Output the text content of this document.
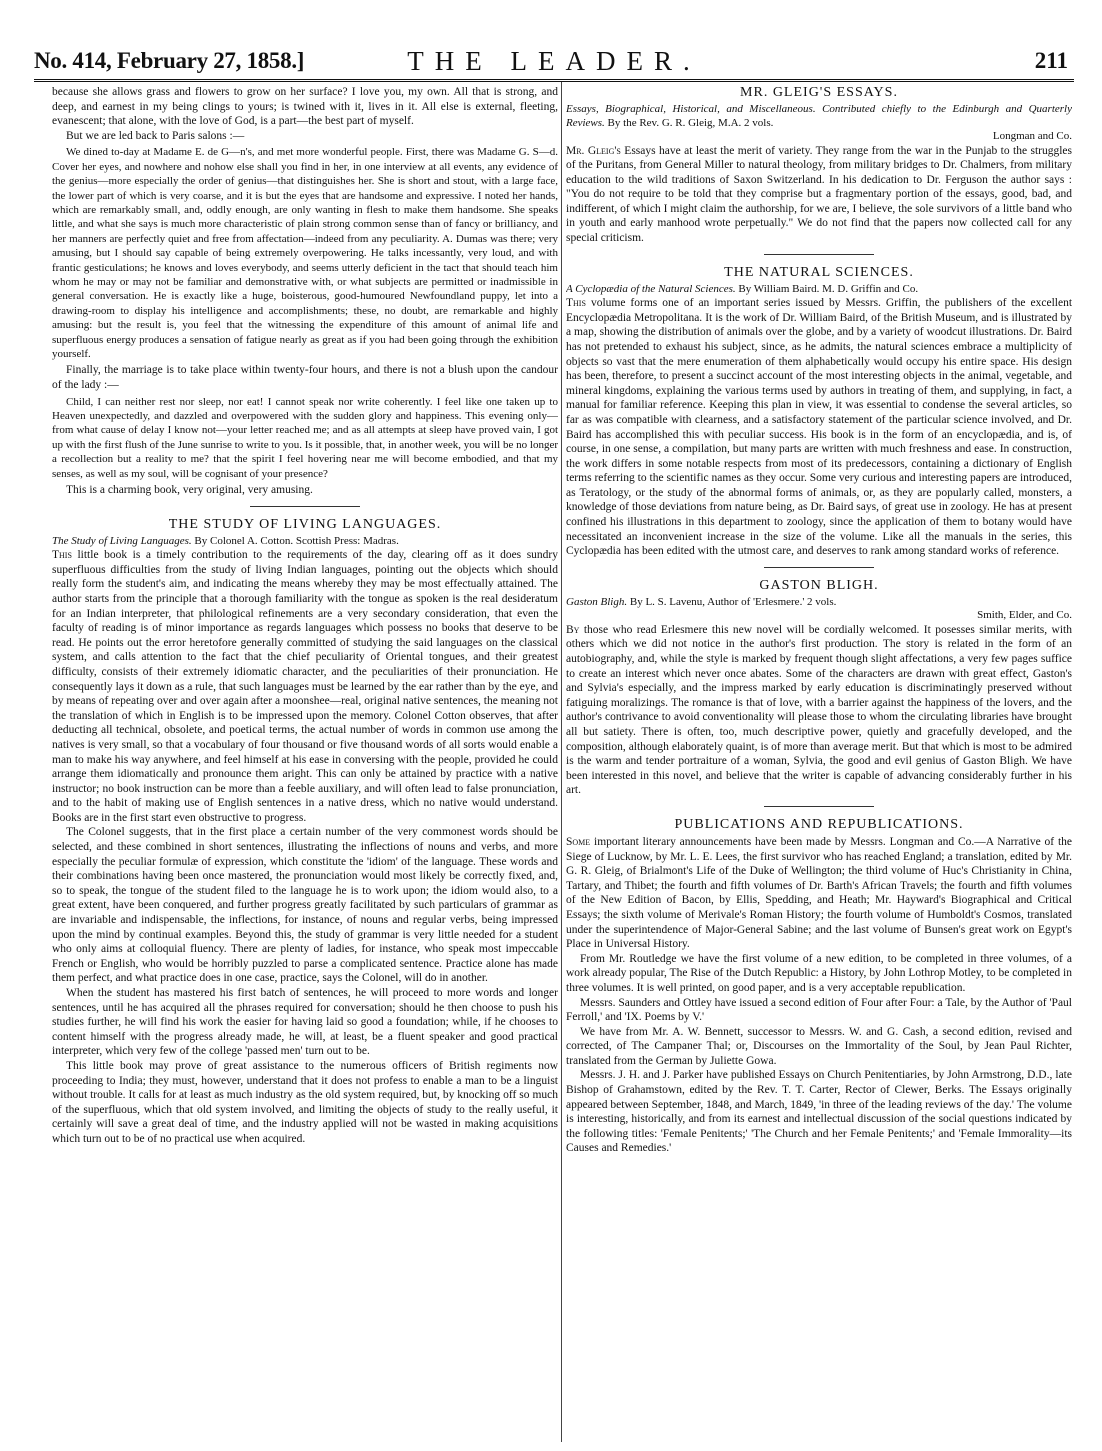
No. 414, February 27, 1858.]	THE LEADER.	211

because she allows grass and flowers to grow on her surface? I love you, my own. All that is strong, and deep, and earnest in my being clings to yours; is twined with it, lives in it. All else is external, fleeting, evanescent; that alone, with the love of God, is a part—the best part of myself.

But we are led back to Paris salons :—

We dined to-day at Madame E. de G—n's, and met more wonderful people. First, there was Madame G. S—d. Cover her eyes, and nowhere and nohow else shall you find in her, in one interview at all events, any evidence of the genius—more especially the order of genius—that distinguishes her. She is short and stout, with a large face, the lower part of which is very coarse, and it is but the eyes that are handsome and expressive. I noted her hands, which are remarkably small, and, oddly enough, are only wanting in flesh to make them handsome. She speaks little, and what she says is much more characteristic of plain strong common sense than of fancy or brilliancy, and her manners are perfectly quiet and free from affectation—indeed from any peculiarity. A. Dumas was there; very amusing, but I should say capable of being extremely overpowering. He talks incessantly, very loud, and with frantic gesticulations; he knows and loves everybody, and seems utterly deficient in the tact that should teach him whom he may or may not be familiar and demonstrative with, or what subjects are permitted or inadmissible in general conversation. He is exactly like a huge, boisterous, good-humoured Newfoundland puppy, let into a drawing-room to display his intelligence and accomplishments; these, no doubt, are remarkable and highly amusing: but the result is, you feel that the witnessing the expenditure of this amount of animal life and superfluous energy produces a sensation of fatigue nearly as great as if you had been going through the exhibition yourself.

Finally, the marriage is to take place within twenty-four hours, and there is not a blush upon the candour of the lady :—

Child, I can neither rest nor sleep, nor eat! I cannot speak nor write coherently. I feel like one taken up to Heaven unexpectedly, and dazzled and overpowered with the sudden glory and happiness. This evening only—from what cause of delay I know not—your letter reached me; and as all attempts at sleep have proved vain, I got up with the first flush of the June sunrise to write to you. Is it possible, that, in another week, you will be no longer a recollection but a reality to me? that the spirit I feel hovering near me will become embodied, and that my senses, as well as my soul, will be cognisant of your presence?

This is a charming book, very original, very amusing.

THE STUDY OF LIVING LANGUAGES.

The Study of Living Languages. By Colonel A. Cotton. Scottish Press: Madras.

This little book is a timely contribution to the requirements of the day, clearing off as it does sundry superfluous difficulties from the study of living Indian languages, pointing out the objects which should really form the student's aim, and indicating the means whereby they may be most effectually attained. The author starts from the principle that a thorough familiarity with the tongue as spoken is the real desideratum for an Indian interpreter, that philological refinements are a very secondary consideration, that even the faculty of reading is of minor importance as regards languages which possess no books that deserve to be read. He points out the error heretofore generally committed of studying the said languages on the classical system, and calls attention to the fact that the chief peculiarity of Oriental tongues, and their greatest difficulty, consists of their extremely idiomatic character, and the peculiarities of their pronunciation. He consequently lays it down as a rule, that such languages must be learned by the ear rather than by the eye, and by means of repeating over and over again after a moonshee—real, original native sentences, the meaning not the translation of which in English is to be impressed upon the memory. Colonel Cotton observes, that after deducting all technical, obsolete, and poetical terms, the actual number of words in common use among the natives is very small, so that a vocabulary of four thousand or five thousand words of all sorts would enable a man to make his way anywhere, and feel himself at his ease in conversing with the people, provided he could arrange them idiomatically and pronounce them aright. This can only be attained by practice with a native instructor; no book instruction can be more than a feeble auxiliary, and will often lead to false pronunciation, and to the habit of making use of English sentences in a native dress, which no native would understand. Books are in the first start even obstructive to progress.

The Colonel suggests, that in the first place a certain number of the very commonest words should be selected, and these combined in short sentences, illustrating the inflections of nouns and verbs, and more especially the peculiar formulæ of expression, which constitute the 'idiom' of the language. These words and their combinations having been once mastered, the pronunciation would most likely be correctly fixed, and, so to speak, the tongue of the student filed to the language he is to work upon; the idiom would also, to a great extent, have been conquered, and further progress greatly facilitated by such particulars of grammar as are invariable and indispensable, the inflections, for instance, of nouns and regular verbs, being impressed upon the mind by continual examples. Beyond this, the study of grammar is very little needed for a student who only aims at colloquial fluency. There are plenty of ladies, for instance, who speak most impeccable French or English, who would be horribly puzzled to parse a complicated sentence. Practice alone has made them perfect, and what practice does in one case, practice, says the Colonel, will do in another.

When the student has mastered his first batch of sentences, he will proceed to more words and longer sentences, until he has acquired all the phrases required for conversation; should he then choose to push his studies further, he will find his work the easier for having laid so good a foundation; while, if he chooses to content himself with the progress already made, he will, at least, be a fluent speaker and good practical interpreter, which very few of the college 'passed men' turn out to be.

This little book may prove of great assistance to the numerous officers of British regiments now proceeding to India; they must, however, understand that it does not profess to enable a man to be a linguist without trouble. It calls for at least as much industry as the old system required, but, by knocking off so much of the superfluous, which that old system involved, and limiting the objects of study to the really useful, it certainly will save a great deal of time, and the industry applied will not be wasted in making acquisitions which turn out to be of no practical use when acquired.

MR. GLEIG'S ESSAYS.

Essays, Biographical, Historical, and Miscellaneous. Contributed chiefly to the Edinburgh and Quarterly Reviews. By the Rev. G. R. Gleig, M.A. 2 vols.

Longman and Co.

Mr. Gleig's Essays have at least the merit of variety. They range from the war in the Punjab to the struggles of the Puritans, from General Miller to natural theology, from military bridges to Dr. Chalmers, from military education to the wild traditions of Saxon Switzerland. In his dedication to Dr. Ferguson the author says : "You do not require to be told that they comprise but a fragmentary portion of the essays, good, bad, and indifferent, of which I might claim the authorship, for we are, I believe, the sole survivors of a little band who in youth and early manhood wrote perpetually." We do not find that the papers now collected call for any special criticism.

THE NATURAL SCIENCES.

A Cyclopædia of the Natural Sciences. By William Baird. M. D. Griffin and Co.

This volume forms one of an important series issued by Messrs. Griffin, the publishers of the excellent Encyclopædia Metropolitana. It is the work of Dr. William Baird, of the British Museum, and is illustrated by a map, showing the distribution of animals over the globe, and by a variety of woodcut illustrations. Dr. Baird has not pretended to exhaust his subject, since, as he admits, the natural sciences embrace a multiplicity of objects so vast that the mere enumeration of them alphabetically would occupy his entire space. His design has been, therefore, to present a succinct account of the most interesting objects in the animal, vegetable, and mineral kingdoms, explaining the various terms used by authors in treating of them, and supplying, in fact, a manual for familiar reference. Keeping this plan in view, it was essential to condense the several articles, so far as was compatible with clearness, and a satisfactory statement of the particular science involved, and Dr. Baird has accomplished this with peculiar success. His book is in the form of an encyclopædia, and is, of course, in one sense, a compilation, but many parts are written with much freshness and ease. In construction, the work differs in some notable respects from most of its predecessors, containing a dictionary of English terms referring to the scientific names as they occur. Some very curious and interesting papers are introduced, as Teratology, or the study of the abnormal forms of animals, or, as they are popularly called, monsters, a knowledge of those deviations from nature being, as Dr. Baird says, of great use in zoology. He has at present confined his illustrations in this department to zoology, since the application of them to botany would have necessitated an inconvenient increase in the size of the volume. Like all the manuals in the series, this Cyclopædia has been edited with the utmost care, and deserves to rank among standard works of reference.

GASTON BLIGH.

Gaston Bligh. By L. S. Lavenu, Author of 'Erlesmere.' 2 vols.

Smith, Elder, and Co.

By those who read Erlesmere this new novel will be cordially welcomed. It posesses similar merits, with others which we did not notice in the author's first production. The story is related in the form of an autobiography, and, while the style is marked by frequent though slight affectations, a very few pages suffice to create an interest which never once abates. Some of the characters are drawn with great effect, Gaston's and Sylvia's especially, and the impress marked by early education is discriminatingly preserved without fatiguing moralizings. The romance is that of love, with a barrier against the happiness of the lovers, and the author's contrivance to avoid conventionality will please those to whom the circulating libraries have brought all but satiety. There is often, too, much descriptive power, quietly and gracefully developed, and the composition, although elaborately quaint, is of more than average merit. But that which is most to be admired is the warm and tender portraiture of a woman, Sylvia, the good and evil genius of Gaston Bligh. We have been interested in this novel, and believe that the writer is capable of advancing considerably further in his art.

PUBLICATIONS AND REPUBLICATIONS.

Some important literary announcements have been made by Messrs. Longman and Co.—A Narrative of the Siege of Lucknow, by Mr. L. E. Lees, the first survivor who has reached England; a translation, edited by Mr. G. R. Gleig, of Brialmont's Life of the Duke of Wellington; the third volume of Huc's Christianity in China, Tartary, and Thibet; the fourth and fifth volumes of Dr. Barth's African Travels; the fourth and fifth volumes of the New Edition of Bacon, by Ellis, Spedding, and Heath; Mr. Hayward's Biographical and Critical Essays; the sixth volume of Merivale's Roman History; the fourth volume of Humboldt's Cosmos, translated under the superintendence of Major-General Sabine; and the last volume of Bunsen's great work on Egypt's Place in Universal History.

From Mr. Routledge we have the first volume of a new edition, to be completed in three volumes, of a work already popular, The Rise of the Dutch Republic: a History, by John Lothrop Motley, to be completed in three volumes. It is well printed, on good paper, and is a very acceptable republication.

Messrs. Saunders and Ottley have issued a second edition of Four after Four: a Tale, by the Author of 'Paul Ferroll,' and 'IX. Poems by V.'

We have from Mr. A. W. Bennett, successor to Messrs. W. and G. Cash, a second edition, revised and corrected, of The Campaner Thal; or, Discourses on the Immortality of the Soul, by Jean Paul Richter, translated from the German by Juliette Gowa.

Messrs. J. H. and J. Parker have published Essays on Church Penitentiaries, by John Armstrong, D.D., late Bishop of Grahamstown, edited by the Rev. T. T. Carter, Rector of Clewer, Berks. The Essays originally appeared between September, 1848, and March, 1849, 'in three of the leading reviews of the day.' The volume is interesting, historically, and from its earnest and intellectual discussion of the social questions indicated by the following titles: 'Female Penitents;' 'The Church and her Female Penitents;' and 'Female Immorality—its Causes and Remedies.'
